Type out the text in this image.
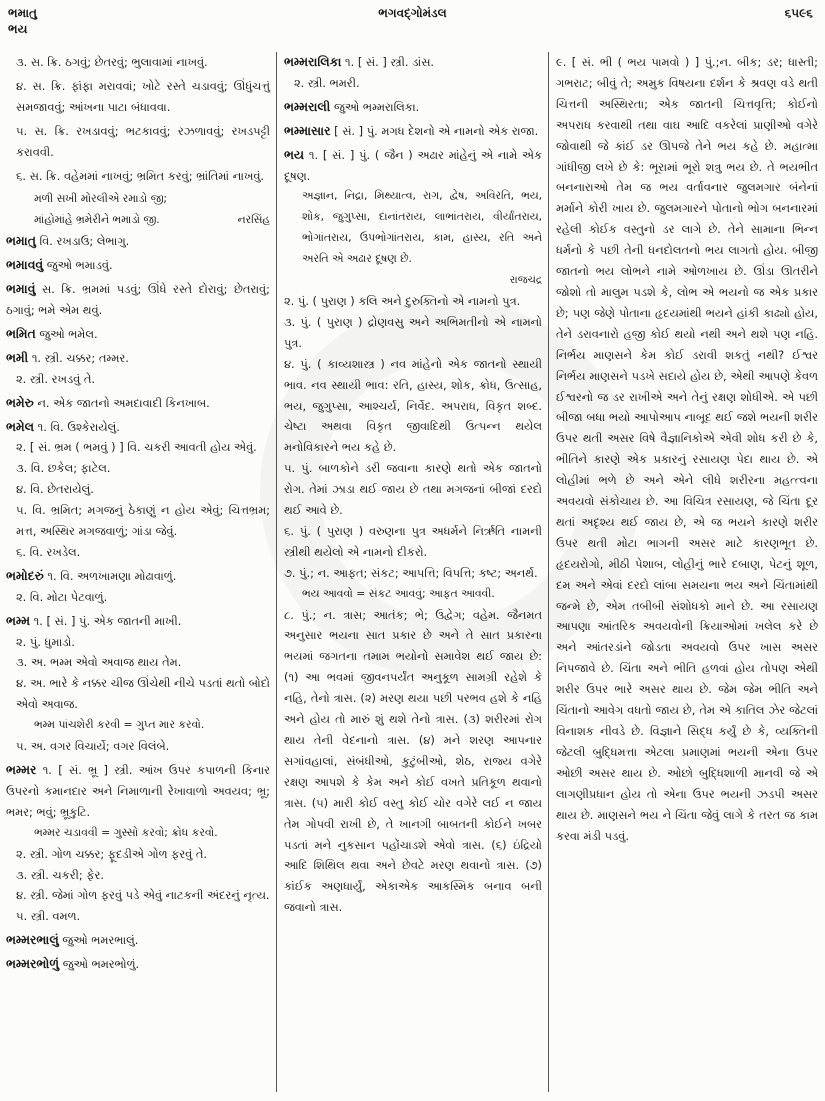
ભમાતુ
ભય
ભગવદ્ગોમંડલ	૬૫૯૬
૩. સ. ક્રિ. ઠગવું; છેતરવું; ભુલાવામાં નાખવું.
૪. સ. ક્રિ. ફાંફા મરાવવાં; ખોટે રસ્તે ચડાવવું; ઊંધુંચત્તું સમજાવવું; આંખના પાટા બંધાવવા.
૫. સ. ક્રિ. રખડાવવું; ભટકાવવું; રઝળાવવું; રખડપટ્ટી કરાવવી.
૬. સ. ક્રિ. વહેમમાં નાખવું; ભ્રમિત કરવું; ભ્રાંતિમાં નાખવું.
મળી સખી મોરલીએ રમાડો જી;
માંહોમાંહે ભ્રમેરીને ભમાડો જી.	નરસિંહ
ભમાતુ વિ. રખડાઉ; લેભાગુ.
ભમાવવું જુઓ ભમાડવું.
ભમાવું સ. ક્રિ. ભ્રમમાં પડવું; ઊંધે રસ્તે દોરાવું; છેતરાવું; ઠગાવું; ભમે એમ થવું.
ભમિત જુઓ ભમેલ.
ભમી ૧. સ્ત્રી. ચક્કર; તમ્મર.
૨. સ્ત્રી. રખડવું તે.
ભમેરુ ન. એક જાતનો અમદાવાદી કિનખાબ.
ભમેલ ૧. વિ. ઉશ્કેરાયેલું.
૨. [ સં. ભ્રમ ( ભમવું ) ] વિ. ચકરી આવતી હોય એવું.
૩. વિ. છકેલ; ફાટેલ.
૪. વિ. છેતરાયેલું.
૫. વિ. ભ્રમિત; મગજનું ઠેકાણું ન હોય એવું; ચિત્તભ્રમ; મત્ત, અસ્થિર મગજવાળું; ગાંડા જેવું.
૬. વિ. રખડેલ.
ભમોદરું ૧. વિ. અળખામણા મોઢાવાળું.
૨. વિ. મોટા પેટવાળું.
ભમ્મ ૧. [ સં. ] પું. એક જાતની માખી.
૨. પું. ધુમાડો.
૩. અ. ભમ્મ એવો અવાજ થાય તેમ.
૪. અ. ભારે કે નક્કર ચીજ ઊંચેથી નીચે પડતાં થતો બોદો એવો અવાજ.
ભમ્મ પાંચશેરી કરવી = ગુપ્ત માર કરવો.
૫. અ. વગર વિચાર્યે; વગર વિલંબે.
ભમ્મર ૧. [ સં. ભ્રૂ ] સ્ત્રી. આંખ ઉપર કપાળની કિનાર ઉપરનો કમાનદાર અને નિમાળાની રેખાવાળો અવયવ; ભ્રૂ; ભમર; ભવું; ભ્રૂકુટિ.
ભમ્મર ચડાવવી = ગુસ્સો કરવો; ક્રોધ કરવો.
૨. સ્ત્રી. ગોળ ચક્કર; ફૂદડીએ ગોળ ફરવું તે.
૩. સ્ત્રી. ચકરી; ફેર.
૪. સ્ત્રી. જેમાં ગોળ ફરવું પડે એવું નાટકની અંદરનું નૃત્ય.
૫. સ્ત્રી. વમળ.
ભમ્મરભાલું જુઓ ભમરભાલું.
ભમ્મરભોળું જુઓ ભમરભોળું.
ભમ્મરાલિકા ૧. [ સં. ] સ્ત્રી. ડાંસ.
૨. સ્ત્રી. ભમરી.
ભમ્મરાલી જુઓ ભમ્મરાલિકા.
ભમ્માસાર [ સં. ] પું. મગધ દેશનો એ નામનો એક રાજા.
ભય ૧. [ સં. ] પું. ( જૈન ) અઢાર માંહેનું એ નામે એક દૂષણ.
અજ્ઞાન, નિદ્રા, મિથ્યાત્વ, રાગ, દ્વેષ, અવિરતિ, ભય, શોક, જુગુપ્સા, દાનાંતરાય, લાભાંતરાય, વીર્યાંતરાય, ભોગાંતરાય, ઉપભોગાંતરાય, કામ, હાસ્ય, રતિ અને અરતિ એ અઢાર દૂષણ છે.
રાજચંદ્ર
૨. પું. ( પુરાણ ) કલિ અને દુરુક્તિનો એ નામનો પુત્ર.
૩. પું. ( પુરાણ ) દ્રોણવસુ અને અભિમતીનો એ નામનો પુત્ર.
૪. પું. ( કાવ્યશાસ્ત્ર ) નવ માંહેનો એક જાતનો સ્થાયી ભાવ. નવ સ્થાયી ભાવ: રતિ, હાસ્ય, શોક, ક્રોધ, ઉત્સાહ, ભય, જુગુપ્સા, આશ્ચર્ય, નિર્વેદ. અપરાધ, વિકૃત શબ્દ. ચેષ્ટા અથવા વિકૃત જીવાદિથી ઉત્પન્ન થયેલ મનોવિકારને ભય કહે છે.
૫. પું. બાળકોને ડરી જવાના કારણે થતો એક જાતનો રોગ. તેમાં ઝાડા થઈ જાય છે તથા મગજનાં બીજાં દરદો થઈ આવે છે.
૬. પું. ( પુરાણ ) વરુણના પુત્ર અધર્મને નિર્ઋતિ નામની સ્ત્રીથી થયેલો એ નામનો દીકરો.
૭. પું.; ન. આફત; સંકટ; આપત્તિ; વિપત્તિ; કષ્ટ; અનર્થ.
ભય આવવો = સંકટ આવવું; આફત આવવી.
૮. પું.; ન. ત્રાસ; આતંક; ભે; ઉદ્વેગ; વહેમ. જૈનમત અનુસાર ભયના સાત પ્રકાર છે અને તે સાત પ્રકારના ભયમાં જગતના તમામ ભયોનો સમાવેશ થઈ જાય છે: (૧) આ ભવમાં જીવનપર્યંત અનુકૂળ સામગ્રી રહેશે કે નહિ, તેનો ત્રાસ. (૨) મરણ થયા પછી પરભવ હશે કે નહિ અને હોય તો મારું શું થશે તેનો ત્રાસ. (૩) શરીરમાં રોગ થાય તેની વેદનાનો ત્રાસ. (૪) મને શરણ આપનાર સગાંવહાલાં, સંબંધીઓ, કુટુંબીઓ, શેઠ, રાજ્ય વગેરે રક્ષણ આપશે કે કેમ અને કોઈ વખતે પ્રતિકૂળ થવાનો ત્રાસ. (૫) મારી કોઈ વસ્તુ કોઈ ચોર વગેરે લઈ ન જાય તેમ ગોપવી રાખી છે, તે ખાનગી બાબતની કોઈને ખબર પડતાં મને નુકસાન પહોંચાડશે એવો ત્રાસ. (૬) ઇંદ્રિયો આદિ શિથિલ થવા અને છેવટે મરણ થવાનો ત્રાસ. (૭) કાંઈક અણધાર્યું, એકાએક આકસ્મિક બનાવ બની જવાનો ત્રાસ.
૯. [ સં. ભી ( ભય પામવો ) ] પું.;ન. બીક; ડર; ધાસ્તી; ગભરાટ; બીવું તે; અમુક વિષયના દર્શન કે શ્રવણ વડે થતી ચિત્તની અસ્થિરતા; એક જાતની ચિત્તવૃત્તિ; કોઈનો અપરાધ કરવાથી તથા વાઘ આદિ વકરેલાં પ્રાણીઓ વગેરે જોવાથી જે કાંઈ ડર ઊપજે તેને ભય કહે છે. મહાત્મા ગાંધીજી લખે છે કે: ભૂરામાં ભૂરો શત્રુ ભય છે. તે ભયભીત બનનારાઓ તેમ જ ભય વર્તાવનાર જુલમગાર બંનેનાં મર્માને કોરી ખાય છે. જુલમગારને પોતાનો ભોગ બનનારમાં રહેલી કોઈક વસ્તુનો ડર લાગે છે. તેને સામાના ભિન્ન ધર્મનો કે પછી તેની ધનદોલતનો ભય લાગતો હોય. બીજી જાતનો ભય લોભને નામે ઓળખાય છે. ઊંડા ઊતરીને જોશો તો માલુમ પડશે કે, લોભ એ ભયનો જ એક પ્રકાર છે; પણ જેણે પોતાના હૃદયમાંથી ભયને હાંકી કાઢ્યો હોય, તેને ડરાવનારો હજી કોઈ થયો નથી અને થશે પણ નહિ. નિર્ભય માણસને કેમ કોઈ ડરાવી શકતું નથી? ઈશ્વર નિર્ભય માણસને પડખે સદાયે હોય છે, એથી આપણે કેવળ ઈશ્વરનો જ ડર રાખીએ અને તેનું રક્ષણ શોધીએ. એ પછી બીજા બધા ભયો આપોઆપ નાબૂદ થઈ જશે ભયની શરીર ઉપર થતી અસર વિષે વૈજ્ઞાનિકોએ એવી શોધ કરી છે કે, ભીતિને કારણે એક પ્રકારનું રસાયણ પેદા થાય છે. એ લોહીમાં ભળે છે અને એને લીધે શરીરના મહત્ત્વના અવયવો સંકોચાય છે. આ વિચિત્ર રસાયણ, જે ચિંતા દૂર થતાં અદૃશ્ય થઈ જાય છે, એ જ ભયને કારણે શરીર ઉપર થતી મોટા ભાગની અસર માટે કારણભૂત છે. હૃદયરોગો, મીઠી પેશાબ, લોહીનું ભારે દબાણ, પેટનું શૂળ, દમ અને એવાં દરદો લાંબા સમયના ભય અને ચિંતામાંથી જન્મે છે, એમ તબીબી સંશોધકો માને છે. આ રસાયણ આપણા આંતરિક અવયવોની ક્રિયાઓમાં ખલેલ કરે છે અને આંતરડાંને જોડતા અવયવો ઉપર ખાસ અસર નિપજાવે છે. ચિંતા અને ભીતિ હળવાં હોય તોપણ એથી શરીર ઉપર ભારે અસર થાય છે. જેમ જેમ ભીતિ અને ચિંતાનો આવેગ વધતો જાય છે, તેમ એ કાતિલ ઝેર જેટલાં વિનાશક નીવડે છે. વિજ્ઞાને સિદ્ધ કર્યું છે કે, વ્યક્તિની જેટલી બુદ્ધિમત્તા એટલા પ્રમાણમાં ભયની એના ઉપર ઓછી અસર થાય છે. ઓછો બુદ્ધિશાળી માનવી જે એ લાગણીપ્રધાન હોય તો એના ઉપર ભયની ઝડપી અસર થાય છે. માણસને ભય ને ચિંતા જેવું લાગે કે તરત જ કામ કરવા મંડી પડવું.
